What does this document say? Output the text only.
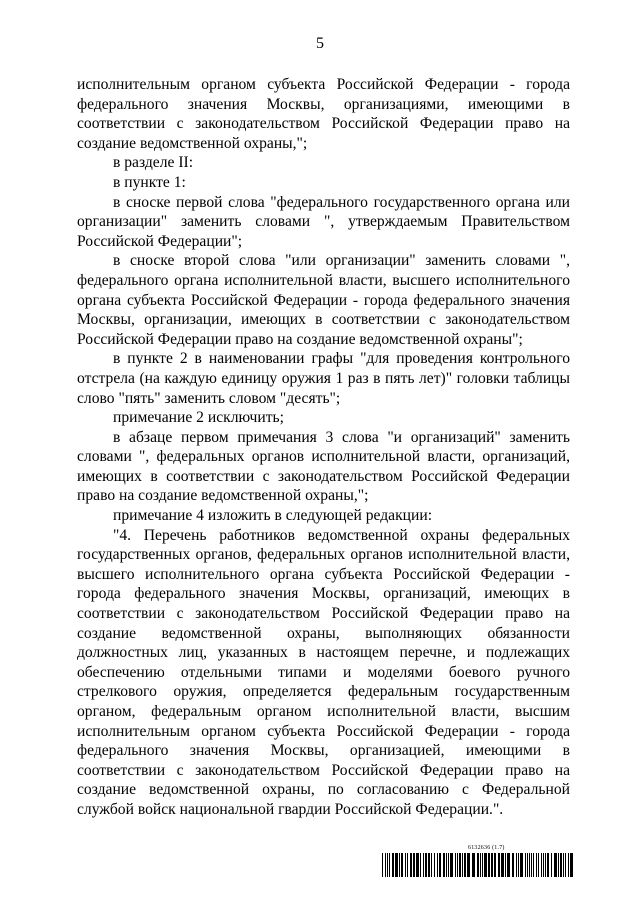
5

исполнительным органом субъекта Российской Федерации - города федерального значения Москвы, организациями, имеющими в соответствии с законодательством Российской Федерации право на создание ведомственной охраны,";

в разделе II:

в пункте 1:

в сноске первой слова "федерального государственного органа или организации" заменить словами ", утверждаемым Правительством Российской Федерации";

в сноске второй слова "или организации" заменить словами ", федерального органа исполнительной власти, высшего исполнительного органа субъекта Российской Федерации - города федерального значения Москвы, организации, имеющих в соответствии с законодательством Российской Федерации право на создание ведомственной охраны";

в пункте 2 в наименовании графы "для проведения контрольного отстрела (на каждую единицу оружия 1 раз в пять лет)" головки таблицы слово "пять" заменить словом "десять";

примечание 2 исключить;

в абзаце первом примечания 3 слова "и организаций" заменить словами ", федеральных органов исполнительной власти, организаций, имеющих в соответствии с законодательством Российской Федерации право на создание ведомственной охраны,";

примечание 4 изложить в следующей редакции:

"4. Перечень работников ведомственной охраны федеральных государственных органов, федеральных органов исполнительной власти, высшего исполнительного органа субъекта Российской Федерации - города федерального значения Москвы, организаций, имеющих в соответствии с законодательством Российской Федерации право на создание ведомственной охраны, выполняющих обязанности должностных лиц, указанных в настоящем перечне, и подлежащих обеспечению отдельными типами и моделями боевого ручного стрелкового оружия, определяется федеральным государственным органом, федеральным органом исполнительной власти, высшим исполнительным органом субъекта Российской Федерации - города федерального значения Москвы, организацией, имеющими в соответствии с законодательством Российской Федерации право на создание ведомственной охраны, по согласованию с Федеральной службой войск национальной гвардии Российской Федерации.".

6132636 (1.7)
